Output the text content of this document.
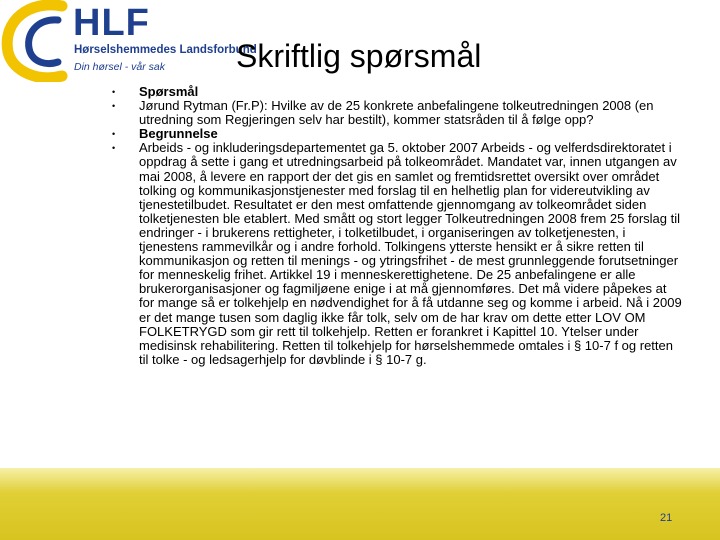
HLF
Hørselshemmedes Landsforbund
Din hørsel - vår sak Skriftlig spørsmål
• Spørsmål
• Jørund Rytman (Fr.P): Hvilke av de 25 konkrete anbefalingene tolkeutredningen 2008 (en utredning som Regjeringen selv har bestilt), kommer statsråden til å følge opp?
• Begrunnelse
• Arbeids - og inkluderingsdepartementet ga 5. oktober 2007 Arbeids - og velferdsdirektoratet i oppdrag å sette i gang et utredningsarbeid på tolkeområdet. Mandatet var, innen utgangen av mai 2008, å levere en rapport der det gis en samlet og fremtidsrettet oversikt over området tolking og kommunikasjonstjenester med forslag til en helhetlig plan for videreutvikling av tjenestetilbudet. Resultatet er den mest omfattende gjennomgang av tolkeområdet siden tolketjenesten ble etablert. Med smått og stort legger Tolkeutredningen 2008 frem 25 forslag til endringer - i brukerens rettigheter, i tolketilbudet, i organiseringen av tolketjenesten, i tjenestens rammevilkår og i andre forhold. Tolkingens ytterste hensikt er å sikre retten til kommunikasjon og retten til menings - og ytringsfrihet - de mest grunnleggende forutsetninger for menneskelig frihet. Artikkel 19 i menneskerettighetene. De 25 anbefalingene er alle brukerorganisasjoner og fagmiljøene enige i at må gjennomføres. Det må videre påpekes at for mange så er tolkehjelp en nødvendighet for å få utdanne seg og komme i arbeid. Nå i 2009 er det mange tusen som daglig ikke får tolk, selv om de har krav om dette etter LOV OM FOLKETRYGD som gir rett til tolkehjelp. Retten er forankret i Kapittel 10. Ytelser under medisinsk rehabilitering. Retten til tolkehjelp for hørselshemmede omtales i § 10-7 f og retten til tolke - og ledsagerhjelp for døvblinde i § 10-7 g.
21
